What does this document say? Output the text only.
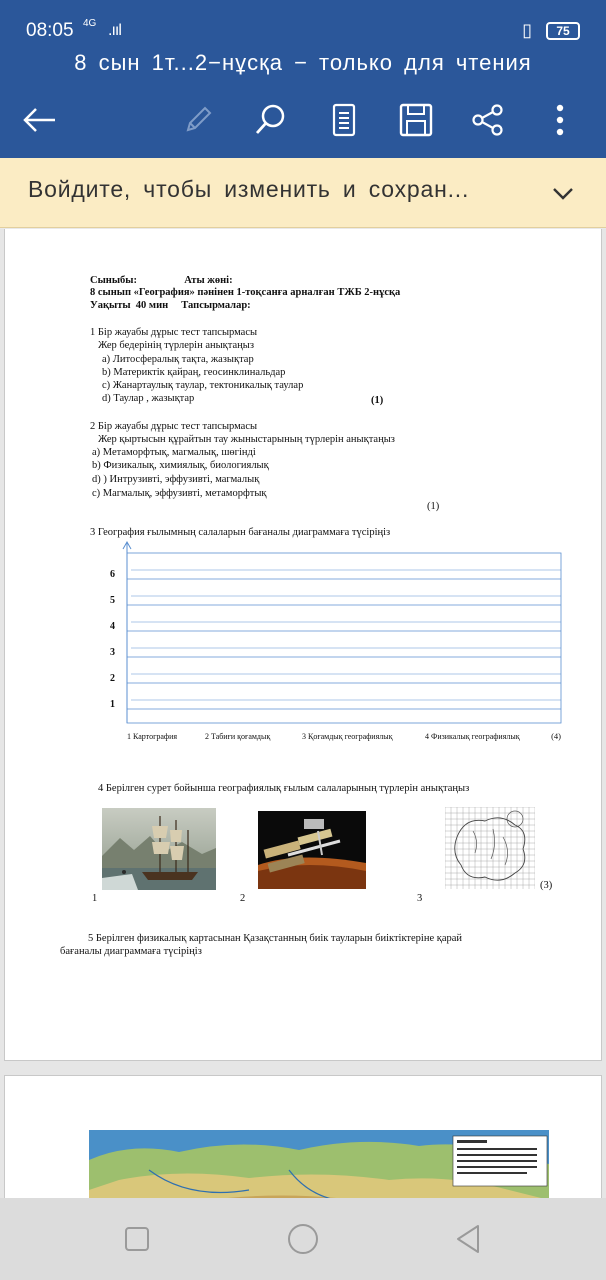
08:05 4G .ııl	▯	75
8 сын 1т...2−нұсқа − только для чтения
Войдите, чтобы изменить и сохран...
Сыныбы:                  Аты жөні:
8 сынып «География» пәнінен 1-тоқсанға арналған ТЖБ 2-нұсқа
Уақыты  40 мин     Тапсырмалар:
1 Бір жауабы дұрыс тест тапсырмасы
Жер бедерінің түрлерін анықтаңыз
a) Литосфералық тақта, жазықтар
b) Материктік қайраң, геосинклинальдар
c) Жанартаулық таулар, тектоникалық таулар
d) Таулар , жазықтар	(1)
2 Бір жауабы дұрыс тест тапсырмасы
Жер қыртысын құрайтын тау жыныстарының түрлерін анықтаңыз
a) Метаморфтық, магмалық, шөгінді
b) Физикалық, химиялық, биологиялық
d) ) Интрузивті, эффузивті, магмалық
c) Магмалық, эффузивті, метаморфтық
(1)
3 География ғылымның салаларын бағаналы диаграммаға түсіріңіз
1
2
3
4
5
6
1 Картография	2 Табиғи қоғамдық	3 Қоғамдық географиялық	4 Физикалық географиялық	(4)
4 Берілген сурет бойынша географиялық ғылым салаларының түрлерін анықтаңыз
(3)
1	2	3
5 Берілген физикалық картасынан Қазақстанның биік тауларын биіктіктеріне қарай
бағаналы диаграммаға түсіріңіз
